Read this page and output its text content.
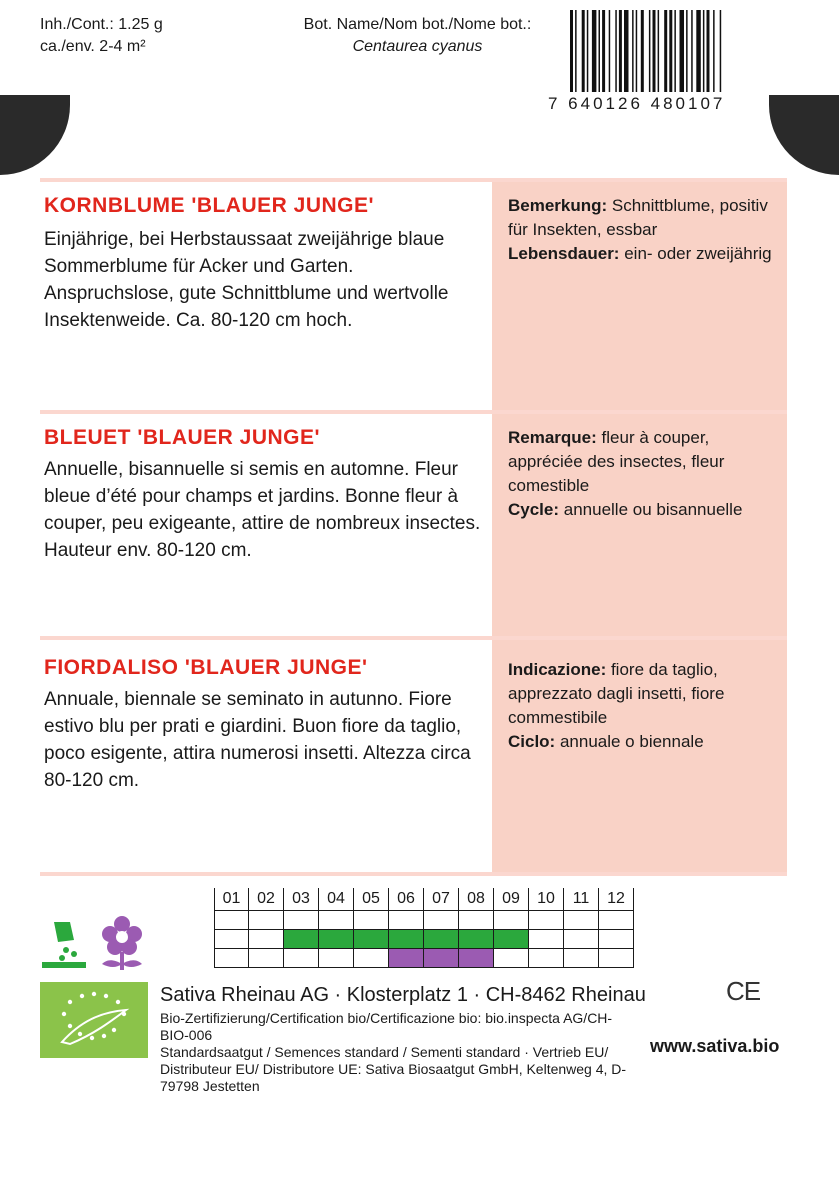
Inh./Cont.: 1.25 g
ca./env. 2-4 m²
Bot. Name/Nom bot./Nome bot.:
Centaurea cyanus
7 640126 480107
KORNBLUME 'BLAUER JUNGE'
Einjährige, bei Herbstaussaat zweijährige blaue Sommerblume für Acker und Garten. Anspruchslose, gute Schnittblume und wertvolle Insektenweide. Ca. 80-120 cm hoch.
Bemerkung: Schnittblume, positiv für Insekten, essbar
Lebensdauer: ein- oder zweijährig
BLEUET 'BLAUER JUNGE'
Annuelle, bisannuelle si semis en automne. Fleur bleue d’été pour champs et jardins. Bonne fleur à couper, peu exigeante, attire de nombreux insectes. Hauteur env. 80-120 cm.
Remarque: fleur à couper, appréciée des insectes, fleur comestible
Cycle: annuelle ou bisannuelle
FIORDALISO 'BLAUER JUNGE'
Annuale, biennale se seminato in autunno. Fiore estivo blu per prati e giardini. Buon fiore da taglio, poco esigente, attira numerosi insetti. Altezza circa 80-120 cm.
Indicazione: fiore da taglio, apprezzato dagli insetti, fiore commestibile
Ciclo: annuale o biennale
01	02	03	04	05	06	07	08	09	10	11	12
Sativa Rheinau AG · Klosterplatz 1 · CH-8462 Rheinau	CE
Bio-Zertifizierung/Certification bio/Certificazione bio: bio.inspecta AG/CH-BIO-006
Standardsaatgut / Semences standard / Sementi standard · Vertrieb EU/ Distributeur EU/ Distributore UE: Sativa Biosaatgut GmbH, Keltenweg 4, D-79798 Jestetten
www.sativa.bio
